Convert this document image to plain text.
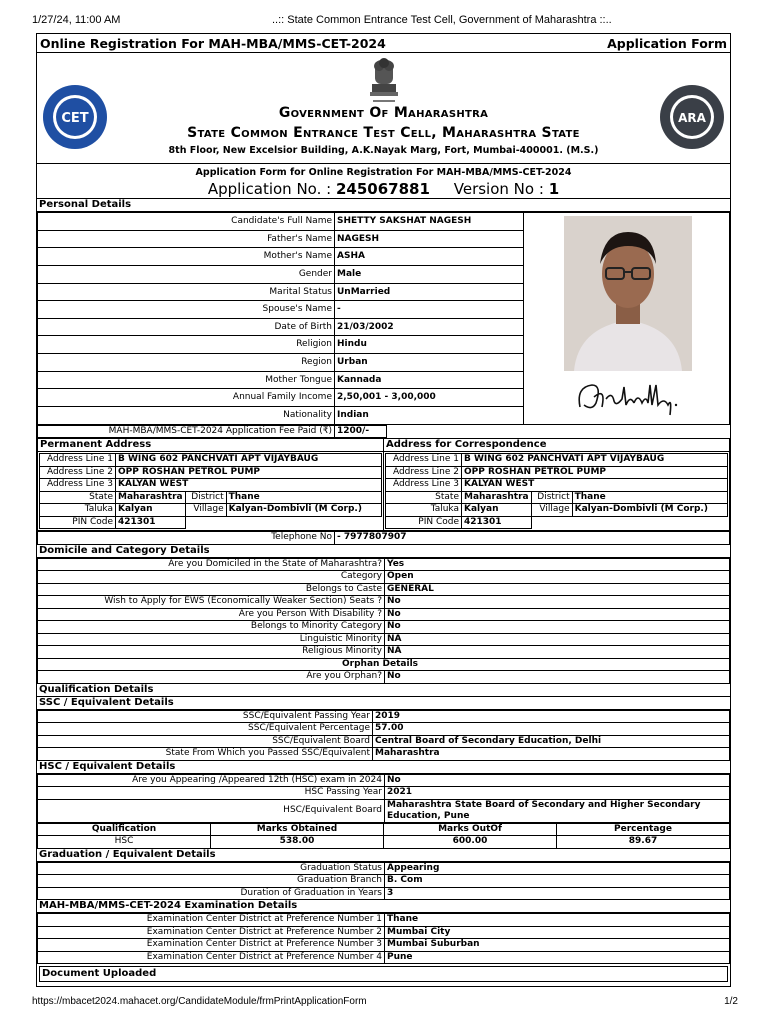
1/27/24, 11:00 AM	..:: State Common Entrance Test Cell, Government of Maharashtra ::..
Online Registration For MAH-MBA/MMS-CET-2024	Application Form
CET	Government Of Maharashtra
State Common Entrance Test Cell, Maharashtra State
8th Floor, New Excelsior Building, A.K.Nayak Marg, Fort, Mumbai-400001. (M.S.)
ARA
Application Form for Online Registration For MAH-MBA/MMS-CET-2024
Application No. : 245067881 Version No : 1
Personal Details
Candidate's Full Name	SHETTY SAKSHAT NAGESH	

Father's Name	NAGESH	
Mother's Name	ASHA	
Gender	Male	
Marital Status	UnMarried	
Spouse's Name	-	
Date of Birth	21/03/2002	
Religion	Hindu	
Region	Urban	
Mother Tongue	Kannada	
Annual Family Income	2,50,001 - 3,00,000	
Nationality	Indian	
MAH-MBA/MMS-CET-2024 Application Fee Paid (₹)	1200/-	
Permanent Address
Address Line 1	B WING 602 PANCHVATI APT VIJAYBAUG
Address Line 2	OPP ROSHAN PETROL PUMP
Address Line 3	KALYAN WEST
State	Maharashtra	District	Thane
Taluka	Kalyan	Village	Kalyan-Dombivli (M Corp.)
PIN Code	421301	

Address for Correspondence
Address Line 1	B WING 602 PANCHVATI APT VIJAYBAUG
Address Line 2	OPP ROSHAN PETROL PUMP
Address Line 3	KALYAN WEST
State	Maharashtra	District	Thane
Taluka	Kalyan	Village	Kalyan-Dombivli (M Corp.)
PIN Code	421301	
Telephone No	- 7977807907
Domicile and Category Details
Are you Domiciled in the State of Maharashtra?	Yes
Category	Open
Belongs to Caste	GENERAL
Wish to Apply for EWS (Economically Weaker Section) Seats ?	No
Are you Person With Disability ?	No
Belongs to Minority Category	No
Linguistic Minority	NA
Religious Minority	NA
Orphan Details	
Are you Orphan?	No
Qualification Details
SSC / Equivalent Details
SSC/Equivalent Passing Year	2019
SSC/Equivalent Percentage	57.00
SSC/Equivalent Board	Central Board of Secondary Education, Delhi
State From Which you Passed SSC/Equivalent	Maharashtra
HSC / Equivalent Details
Are you Appearing /Appeared 12th (HSC) exam in 2024	No
HSC Passing Year	2021
HSC/Equivalent Board	Maharashtra State Board of Secondary and Higher Secondary Education, Pune
Qualification	Marks Obtained	Marks OutOf	Percentage
HSC	538.00	600.00	89.67
Graduation / Equivalent Details
Graduation Status	Appearing
Graduation Branch	B. Com
Duration of Graduation in Years	3
MAH-MBA/MMS-CET-2024 Examination Details
Examination Center District at Preference Number 1	Thane
Examination Center District at Preference Number 2	Mumbai City
Examination Center District at Preference Number 3	Mumbai Suburban
Examination Center District at Preference Number 4	Pune
Document Uploaded
https://mbacet2024.mahacet.org/CandidateModule/frmPrintApplicationForm	1/2
